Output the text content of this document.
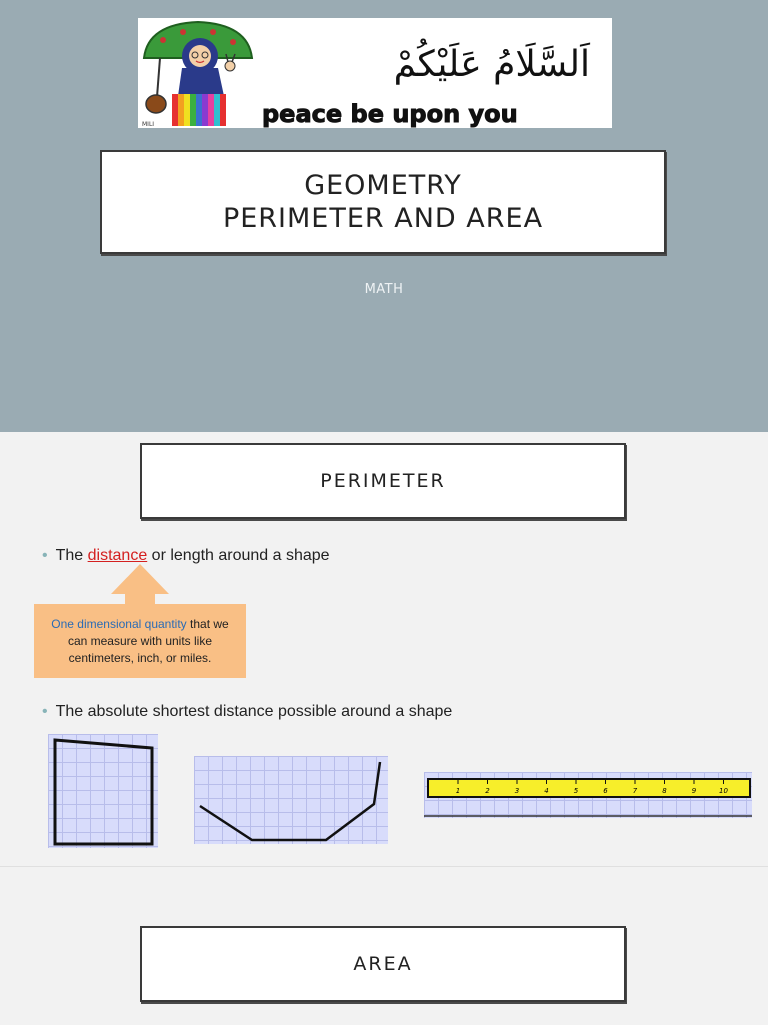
MILI
اَلسَّلَامُ عَلَيْكُمْ
peace be upon you
GEOMETRY
PERIMETER AND AREA
MATH
PERIMETER
• The distance or length around a shape
One dimensional quantity that we can measure with units like centimeters, inch, or miles.
• The absolute shortest distance possible around a shape
1	2	3	4	5	6	7	8	9	10
AREA
